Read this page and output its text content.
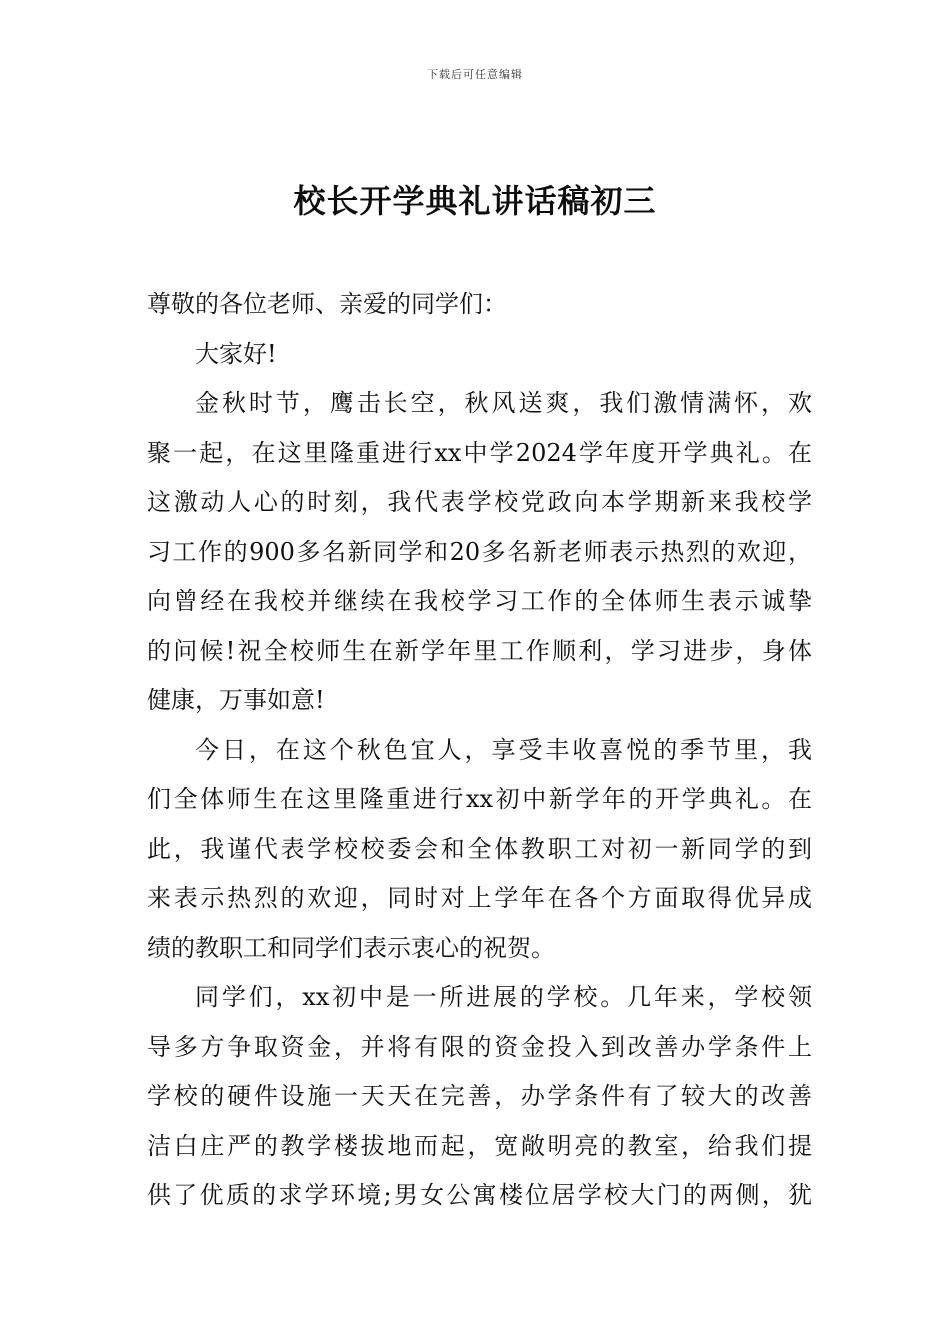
下载后可任意编辑
校长开学典礼讲话稿初三
尊敬的各位老师、亲爱的同学们：
大家好!
金秋时节，鹰击长空，秋风送爽，我们激情满怀，欢
聚一起，在这里隆重进行xx中学2024学年度开学典礼。在
这激动人心的时刻，我代表学校党政向本学期新来我校学
习工作的900多名新同学和20多名新老师表示热烈的欢迎，
向曾经在我校并继续在我校学习工作的全体师生表示诚挚
的问候!祝全校师生在新学年里工作顺利，学习进步，身体
健康，万事如意!
今日，在这个秋色宜人，享受丰收喜悦的季节里，我
们全体师生在这里隆重进行xx初中新学年的开学典礼。在
此，我谨代表学校校委会和全体教职工对初一新同学的到
来表示热烈的欢迎，同时对上学年在各个方面取得优异成
绩的教职工和同学们表示衷心的祝贺。
同学们，xx初中是一所进展的学校。几年来，学校领
导多方争取资金，并将有限的资金投入到改善办学条件上
学校的硬件设施一天天在完善，办学条件有了较大的改善
洁白庄严的教学楼拔地而起，宽敞明亮的教室，给我们提
供了优质的求学环境;男女公寓楼位居学校大门的两侧，犹
